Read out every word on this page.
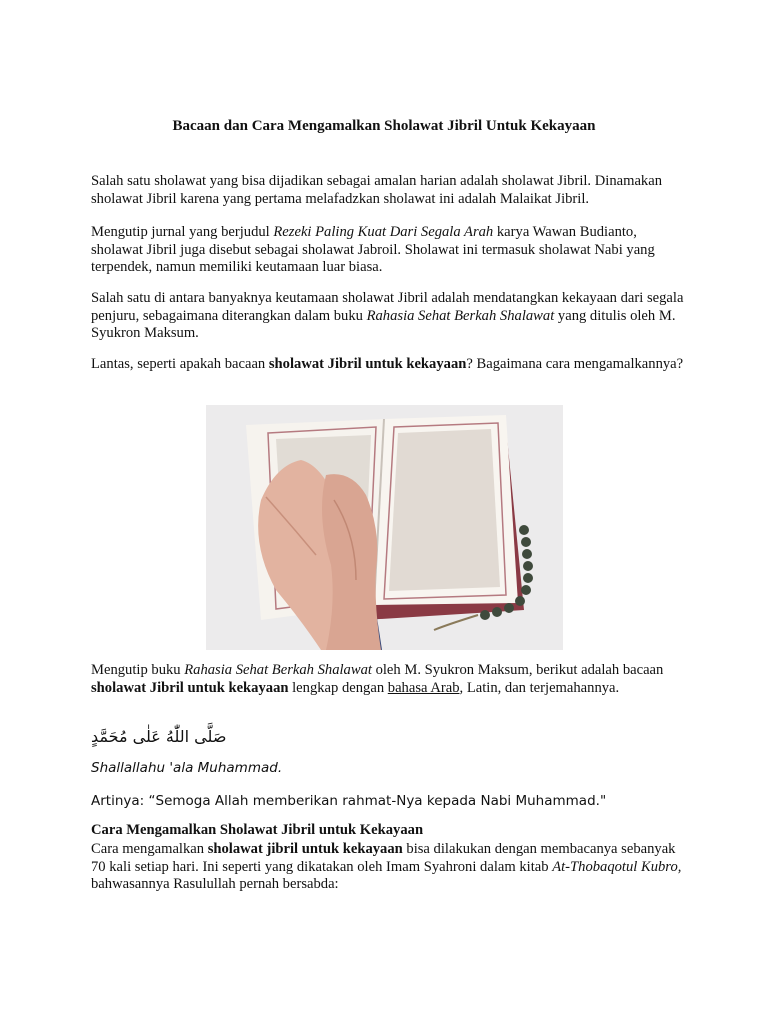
Bacaan dan Cara Mengamalkan Sholawat Jibril Untuk Kekayaan
Salah satu sholawat yang bisa dijadikan sebagai amalan harian adalah sholawat Jibril. Dinamakan sholawat Jibril karena yang pertama melafadzkan sholawat ini adalah Malaikat Jibril.
Mengutip jurnal yang berjudul Rezeki Paling Kuat Dari Segala Arah karya Wawan Budianto, sholawat Jibril juga disebut sebagai sholawat Jabroil. Sholawat ini termasuk sholawat Nabi yang terpendek, namun memiliki keutamaan luar biasa.
Salah satu di antara banyaknya keutamaan sholawat Jibril adalah mendatangkan kekayaan dari segala penjuru, sebagaimana diterangkan dalam buku Rahasia Sehat Berkah Shalawat yang ditulis oleh M. Syukron Maksum.
Lantas, seperti apakah bacaan sholawat Jibril untuk kekayaan? Bagaimana cara mengamalkannya?
Mengutip buku Rahasia Sehat Berkah Shalawat oleh M. Syukron Maksum, berikut adalah bacaan sholawat Jibril untuk kekayaan lengkap dengan bahasa Arab, Latin, dan terjemahannya.
صَلَّى اللّٰهُ عَلٰى مُحَمَّدٍ
Shallallahu 'ala Muhammad.
Artinya: “Semoga Allah memberikan rahmat-Nya kepada Nabi Muhammad."
Cara Mengamalkan Sholawat Jibril untuk Kekayaan
Cara mengamalkan sholawat jibril untuk kekayaan bisa dilakukan dengan membacanya sebanyak 70 kali setiap hari. Ini seperti yang dikatakan oleh Imam Syahroni dalam kitab At-Thobaqotul Kubro, bahwasannya Rasulullah pernah bersabda:
